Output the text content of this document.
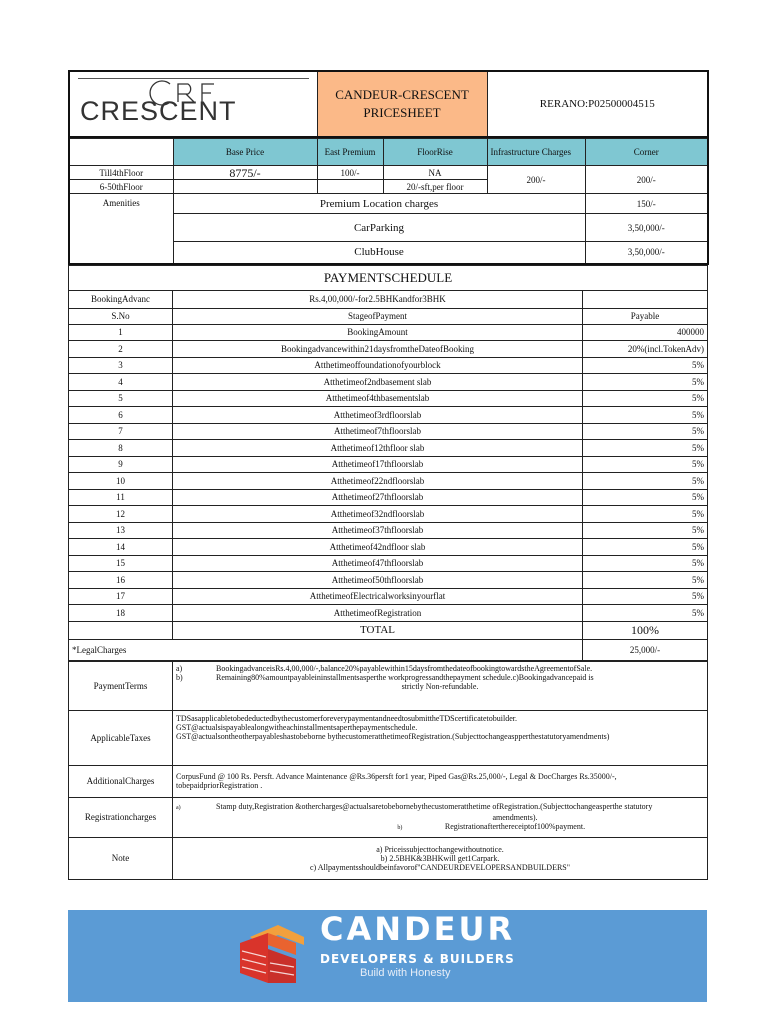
CRESCENT

CANDEUR-CRESCENT
PRICESHEET
	RERANO:P02500004515
	Base Price	East Premium	FloorRise	Infrastructure Charges	Corner
Till4thFloor	8775/-	100/-	NA	200/-	200/-
6-50thFloor			20/-sft,per floor		
Amenities	Premium Location charges				150/-
	CarParking				3,50,000/-
	ClubHouse				3,50,000/-
PAYMENTSCHEDULE		
BookingAdvanc	Rs.4,00,000/-for2.5BHKandfor3BHK	
S.No	StageofPayment	Payable
1	BookingAmount	400000
2	Bookingadvancewithin21daysfromtheDateofBooking	20%(incl.TokenAdv)
3	Atthetimeoffoundationofyourblock	5%
4	Atthetimeof2ndbasement slab	5%
5	Atthetimeof4thbasementslab	5%
6	Atthetimeof3rdfloorslab	5%
7	Atthetimeof7thfloorslab	5%
8	Atthetimeof12thfloor slab	5%
9	Atthetimeof17thfloorslab	5%
10	Atthetimeof22ndfloorslab	5%
11	Atthetimeof27thfloorslab	5%
12	Atthetimeof32ndfloorslab	5%
13	Atthetimeof37thfloorslab	5%
14	Atthetimeof42ndfloor slab	5%
15	Atthetimeof47thfloorslab	5%
16	Atthetimeof50thfloorslab	5%
17	AtthetimeofElectricalworksinyourflat	5%
18	AtthetimeofRegistration	5%
	TOTAL	100%
*LegalCharges		25,000/-
PaymentTerms	a) BookingadvanceisRs.4,00,000/-,balance20%payablewithin15daysfromthedateofbookingtowardstheAgreementofSale.
b) Remaining80%amountpayableininstallmentsasperthe workprogressandthepayment schedule.c)Bookingadvancepaid is
strictly Non-refundable.

ApplicableTaxes	TDSasapplicabletobedeductedbythecustomerforeverypaymentandneedtosubmittheTDScertificatetobuilder.
GST@actualsispayablealongwitheachinstallmentsaperthepaymentschedule.
GST@actualsontheotherpayableshastobeborne bythecustomeratthetimeofRegistration.(Subjecttochangeaspperthestatutoryamendments)

AdditionalCharges	CorpusFund @ 100 Rs. Persft. Advance Maintenance @Rs.36persft for1 year, Piped Gas@Rs.25,000/-, Legal & DocCharges Rs.35000/-,
tobepaidpriorRegistration .

Registrationcharges	a) Stamp duty,Registration &othercharges@actualsaretobebornebythecustomeratthetime ofRegistration.(Subjecttochangeasperthe statutory
amendments).
b) Registrationafterthereceiptof100%payment.

Note	a) Priceissubjecttochangewithoutnotice.
b) 2.5BHK&3BHKwill get1Carpark.
c) Allpaymentsshouldbeinfavorof"CANDEURDEVELOPERSANDBUILDERS"
CANDEUR
DEVELOPERS & BUILDERS
Build with Honesty
